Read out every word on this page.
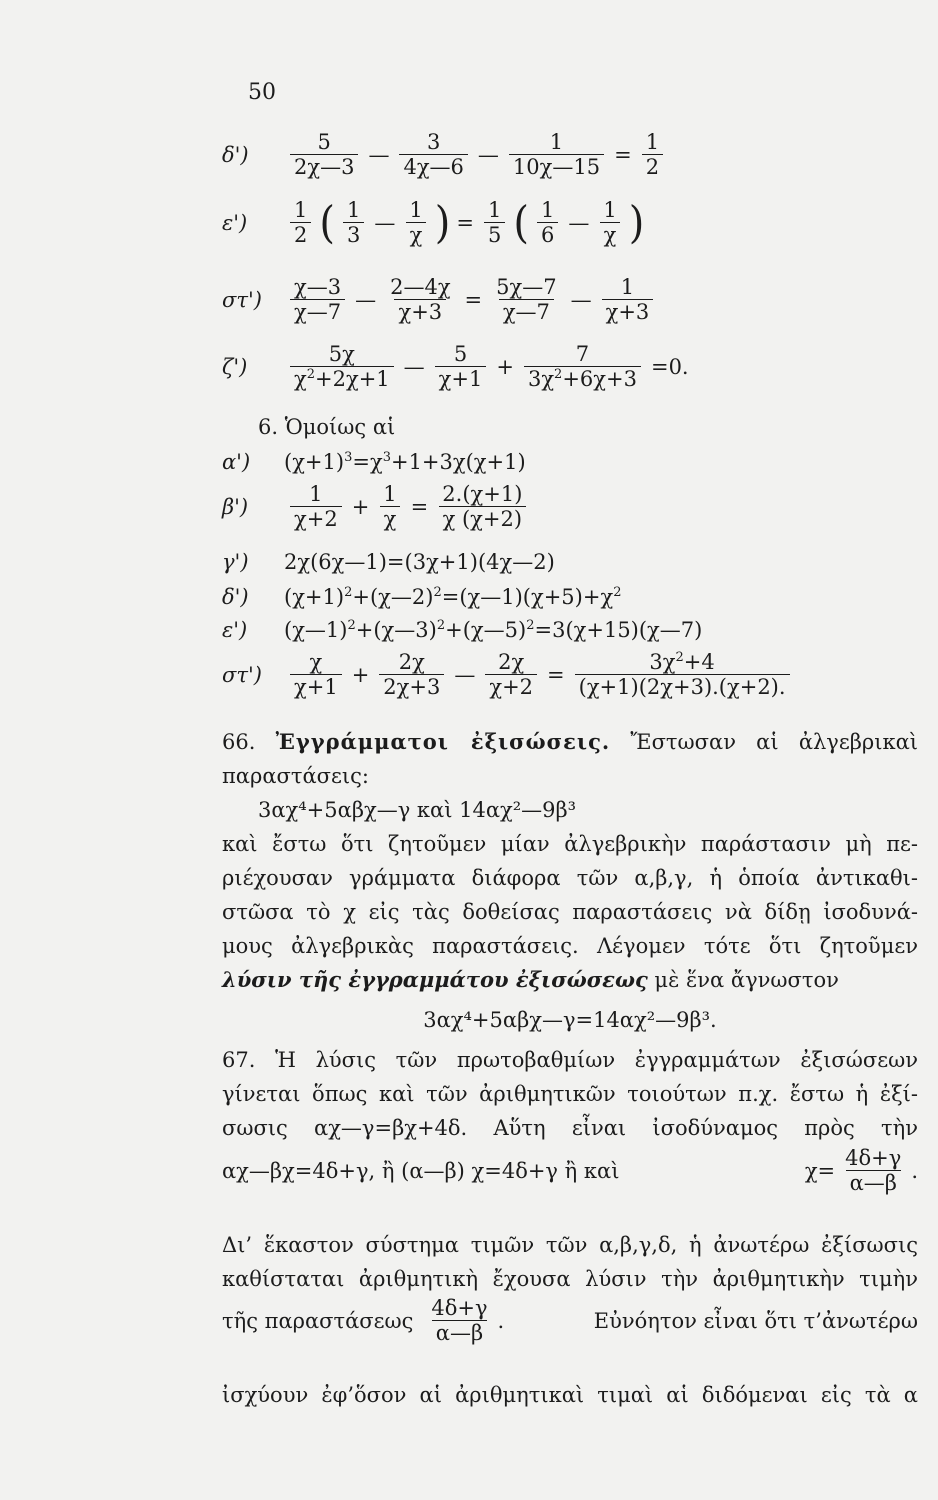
50
δ')	$\frac{5}{2\chi—3}$ — $\frac{3}{4\chi—6}$ — $\frac{1}{10\chi—15} = \frac{1}{2}$
ε')	$\frac{1}{2}$ ( $\frac{1}{3}$ — $\frac{1}{\chi}$ ) = $\frac{1}{5}$ ( $\frac{1}{6}$ — $\frac{1}{\chi}$ )
στ')	$\frac{\chi—3}{\chi—7}$ — $\frac{2—4\chi}{\chi+3} = \frac{5\chi—7}{\chi—7}$ — $\frac{1}{\chi+3}$
ζ')	$\frac{5\chi}{\chi^2+2\chi+1}$ — $\frac{5}{\chi+1} + \frac{7}{3\chi^2+6\chi+3} =0$.
6. Ὁμοίως αἱ
α')	$(\chi+1)^3=\chi^3+1+3\chi(\chi+1)$
β')	$\frac{1}{\chi+2} + \frac{1}{\chi} = \frac{2.(\chi+1)}{\chi (\chi+2)}$
γ')	2χ(6χ—1)=(3χ+1)(4χ—2)
δ')	$(\chi+1)^2+(\chi—2)^2=(\chi—1)(\chi+5)+\chi^2$
ε')	(χ—1)$^2$+(χ—3)$^2$+(χ—5)$^2$=3(χ+15)(χ—7)
στ')	$\frac{\chi}{\chi+1} + \frac{2\chi}{2\chi+3}$ — $\frac{2\chi}{\chi+2} = \frac{3\chi^2+4}{(\chi+1)(2\chi+3).(\chi+2).}$
66. Ἐγγράμματοι ἐξισώσεις. Ἔστωσαν αἱ ἀλγεβρικαὶ
παραστάσεις:
3αχ⁴+5αβχ—γ καὶ 14αχ²—9β³
καὶ ἔστω ὅτι ζητοῦμεν μίαν ἀλγεβρικὴν παράστασιν μὴ πε-
ριέχουσαν γράμματα διάφορα τῶν α,β,γ, ἡ ὁποία ἀντικαθι-
στῶσα τὸ χ εἰς τὰς δοθείσας παραστάσεις νὰ δίδῃ ἰσοδυνά-
μους ἀλγεβρικὰς παραστάσεις. Λέγομεν τότε ὅτι ζητοῦμεν
λύσιν τῆς ἐγγραμμάτου ἐξισώσεως μὲ ἕνα ἄγνωστον
3αχ⁴+5αβχ—γ=14αχ²—9β³.
67. Ἡ λύσις τῶν πρωτοβαθμίων ἐγγραμμάτων ἐξισώσεων
γίνεται ὅπως καὶ τῶν ἀριθμητικῶν τοιούτων π.χ. ἔστω ἡ ἐξί-
σωσις αχ—γ=βχ+4δ. Αὕτη εἶναι ἰσοδύναμος πρὸς τὴν
αχ—βχ=4δ+γ, ἢ (α—β) χ=4δ+γ ἢ καὶ	$\chi= \frac{4\delta+\gamma}{\alpha—\beta}$ .
Δι’ ἕκαστον σύστημα τιμῶν τῶν α,β,γ,δ, ἡ ἀνωτέρω ἐξίσωσις
καθίσταται ἀριθμητικὴ ἔχουσα λύσιν τὴν ἀριθμητικὴν τιμὴν
τῆς παραστάσεως $\frac{4\delta+\gamma}{\alpha—\beta}$ .	Εὐνόητον εἶναι ὅτι τ’ἀνωτέρω
ἰσχύουν ἐφ’ὅσον αἱ ἀριθμητικαὶ τιμαὶ αἱ διδόμεναι εἰς τὰ α
